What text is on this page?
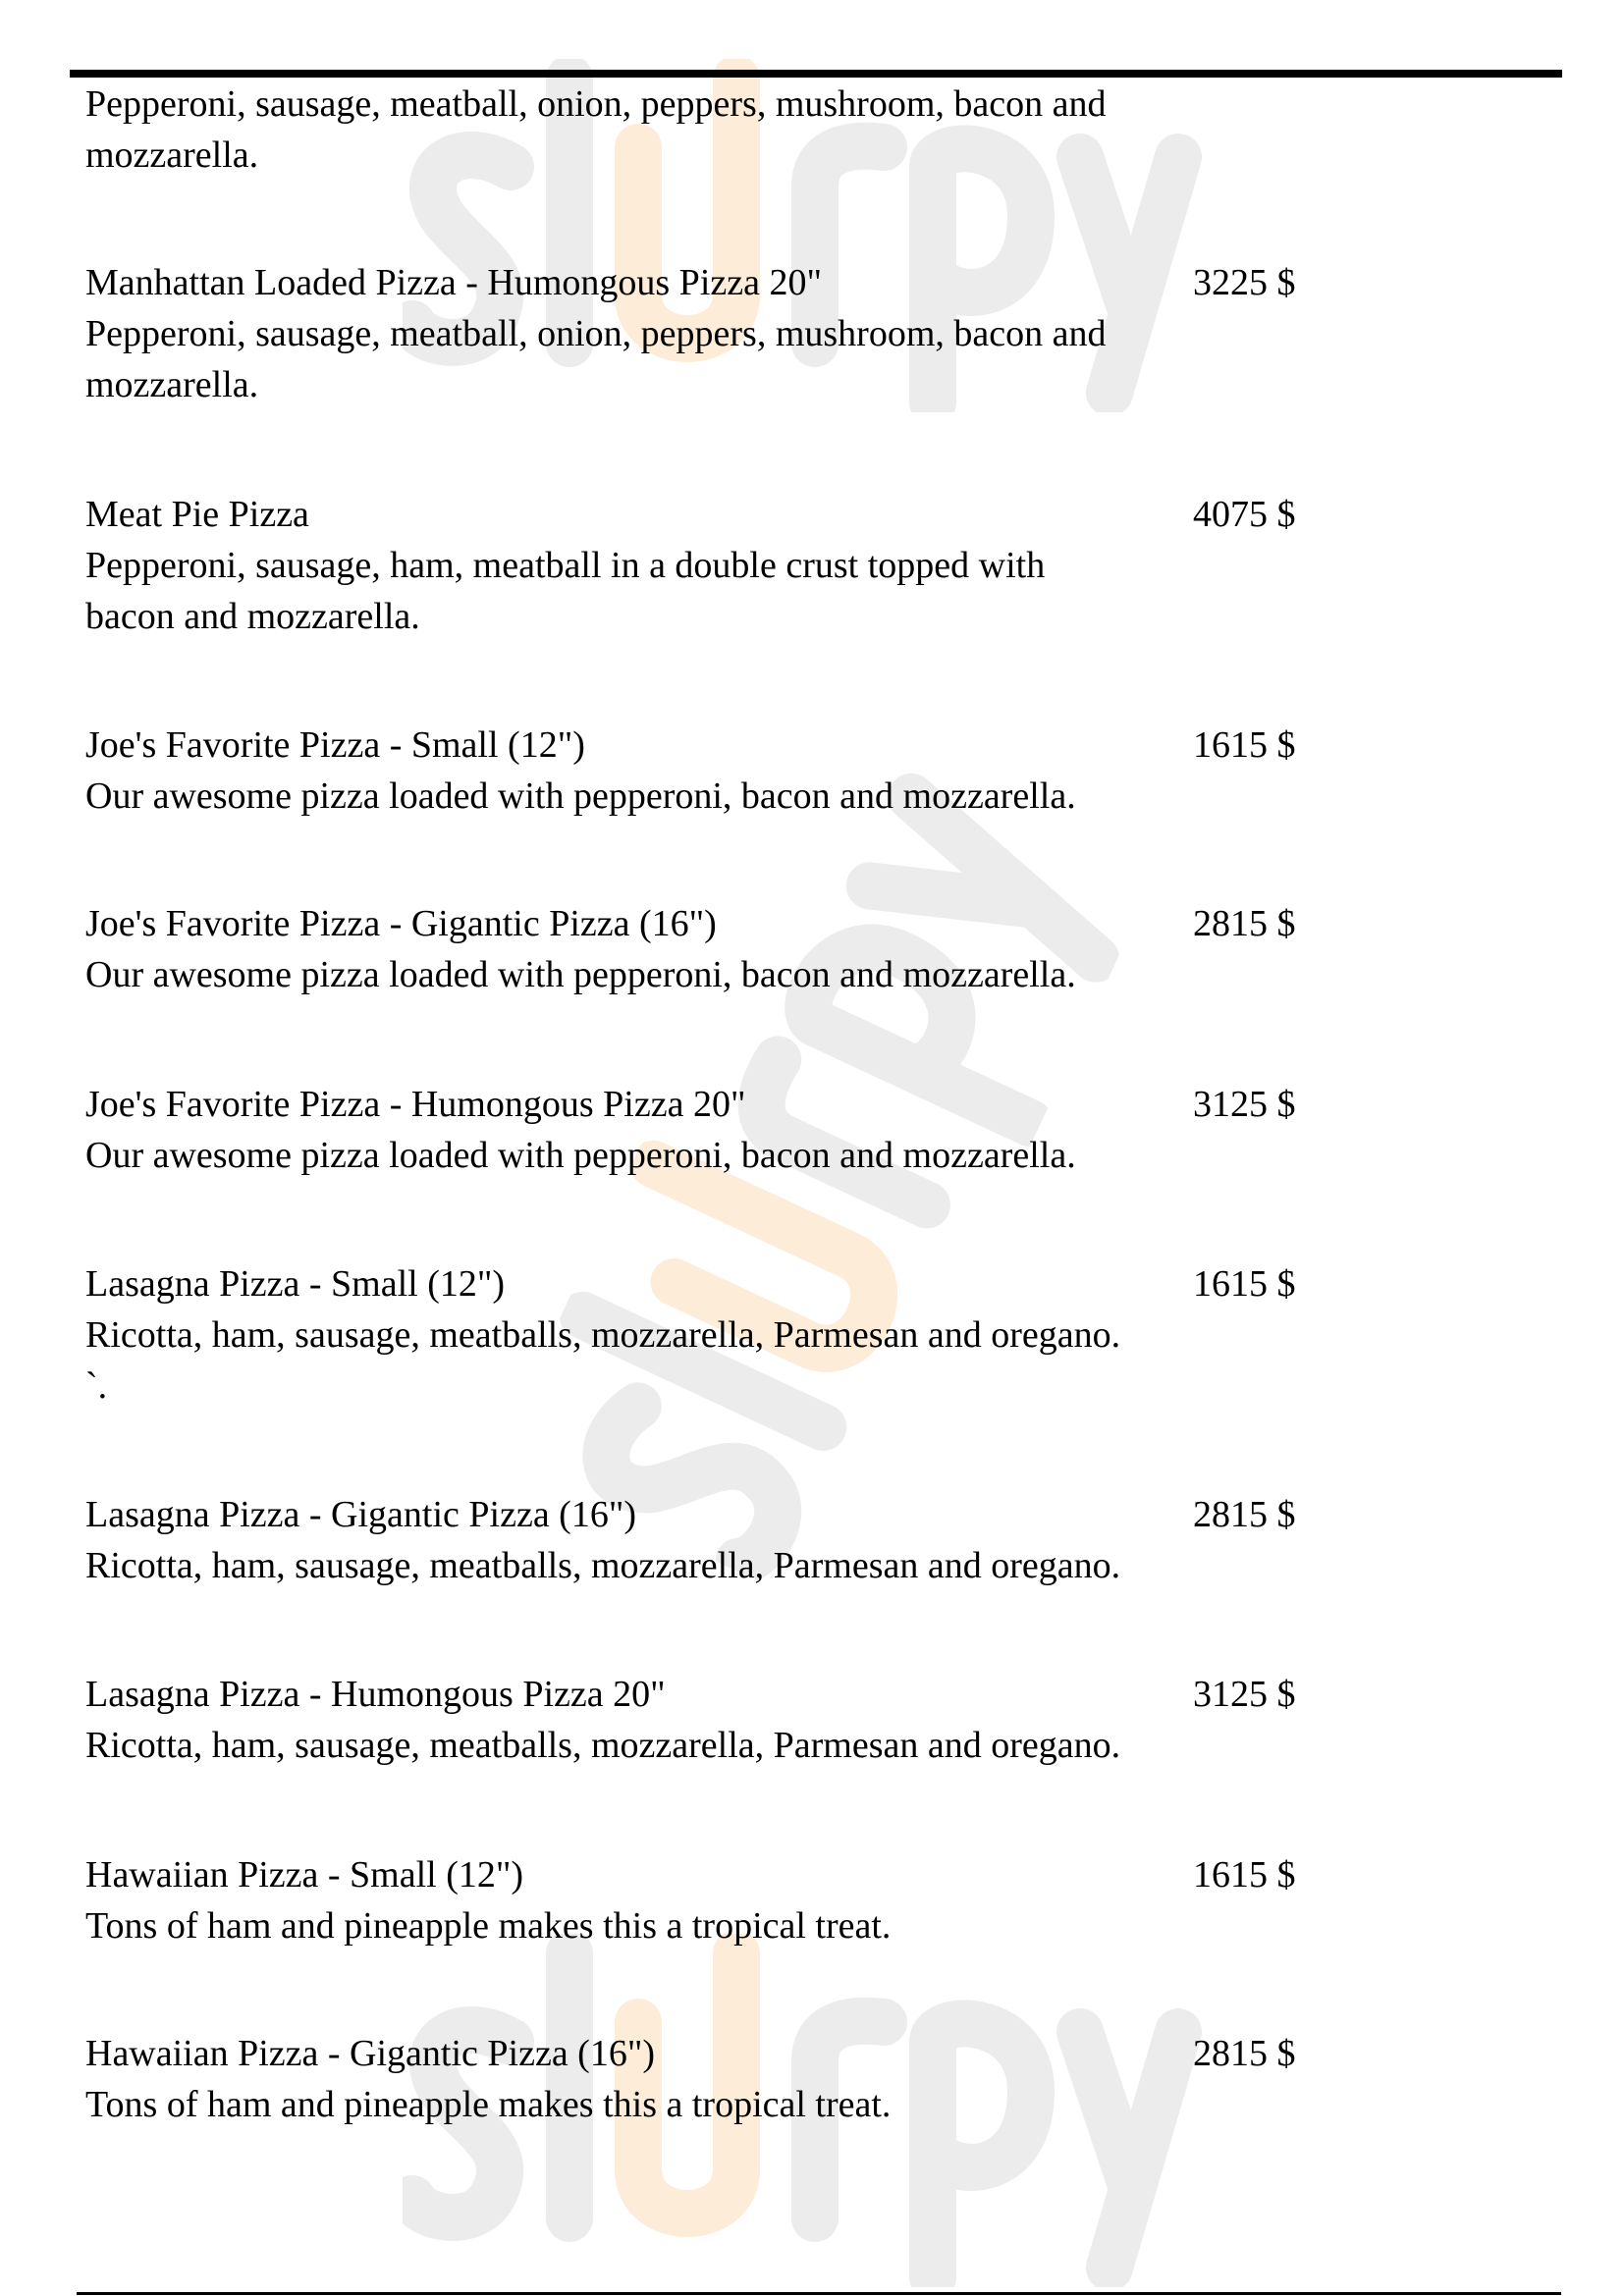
Pepperoni, sausage, meatball, onion, peppers, mushroom, bacon and
mozzarella.

Manhattan Loaded Pizza - Humongous Pizza 20"	3225 $

Pepperoni, sausage, meatball, onion, peppers, mushroom, bacon and
mozzarella.

Meat Pie Pizza	4075 $

Pepperoni, sausage, ham, meatball in a double crust topped with
bacon and mozzarella.

Joe's Favorite Pizza - Small (12")	1615 $

Our awesome pizza loaded with pepperoni, bacon and mozzarella.

Joe's Favorite Pizza - Gigantic Pizza (16")	2815 $

Our awesome pizza loaded with pepperoni, bacon and mozzarella.

Joe's Favorite Pizza - Humongous Pizza 20"	3125 $

Our awesome pizza loaded with pepperoni, bacon and mozzarella.

Lasagna Pizza - Small (12")	1615 $

Ricotta, ham, sausage, meatballs, mozzarella, Parmesan and oregano.
`.

Lasagna Pizza - Gigantic Pizza (16")	2815 $

Ricotta, ham, sausage, meatballs, mozzarella, Parmesan and oregano.

Lasagna Pizza - Humongous Pizza 20"	3125 $

Ricotta, ham, sausage, meatballs, mozzarella, Parmesan and oregano.

Hawaiian Pizza - Small (12")	1615 $

Tons of ham and pineapple makes this a tropical treat.

Hawaiian Pizza - Gigantic Pizza (16")	2815 $

Tons of ham and pineapple makes this a tropical treat.
